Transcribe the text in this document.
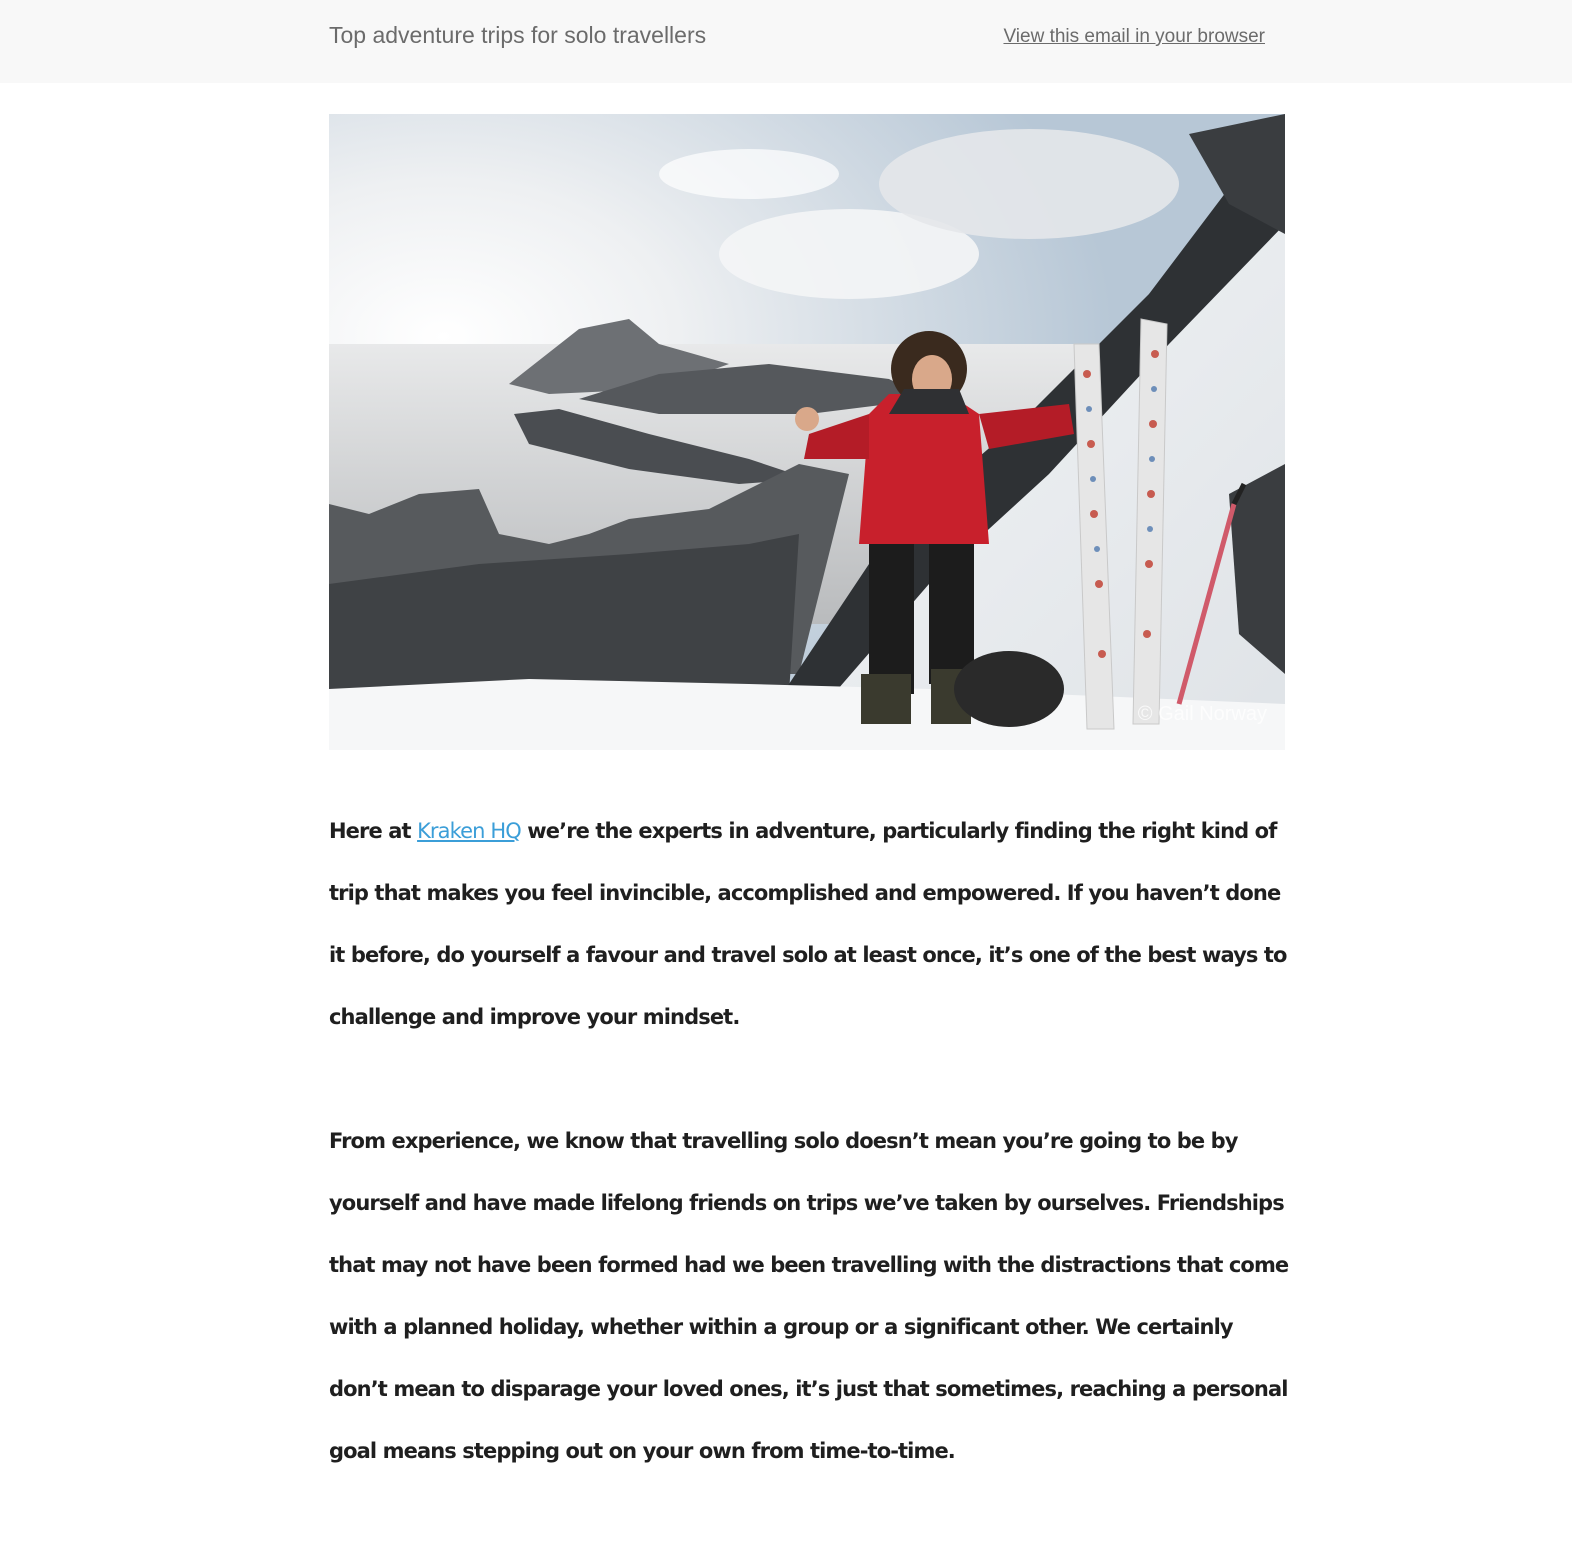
Top adventure trips for solo travellers	View this email in your browser
© Gail Norway

Here at Kraken HQ we’re the experts in adventure, particularly finding the right kind of trip that makes you feel invincible, accomplished and empowered. If you haven’t done it before, do yourself a favour and travel solo at least once, it’s one of the best ways to challenge and improve your mindset.

From experience, we know that travelling solo doesn’t mean you’re going to be by yourself and have made lifelong friends on trips we’ve taken by ourselves. Friendships that may not have been formed had we been travelling with the distractions that come with a planned holiday, whether within a group or a significant other. We certainly don’t mean to disparage your loved ones, it’s just that sometimes, reaching a personal goal means stepping out on your own from time-to-time.
